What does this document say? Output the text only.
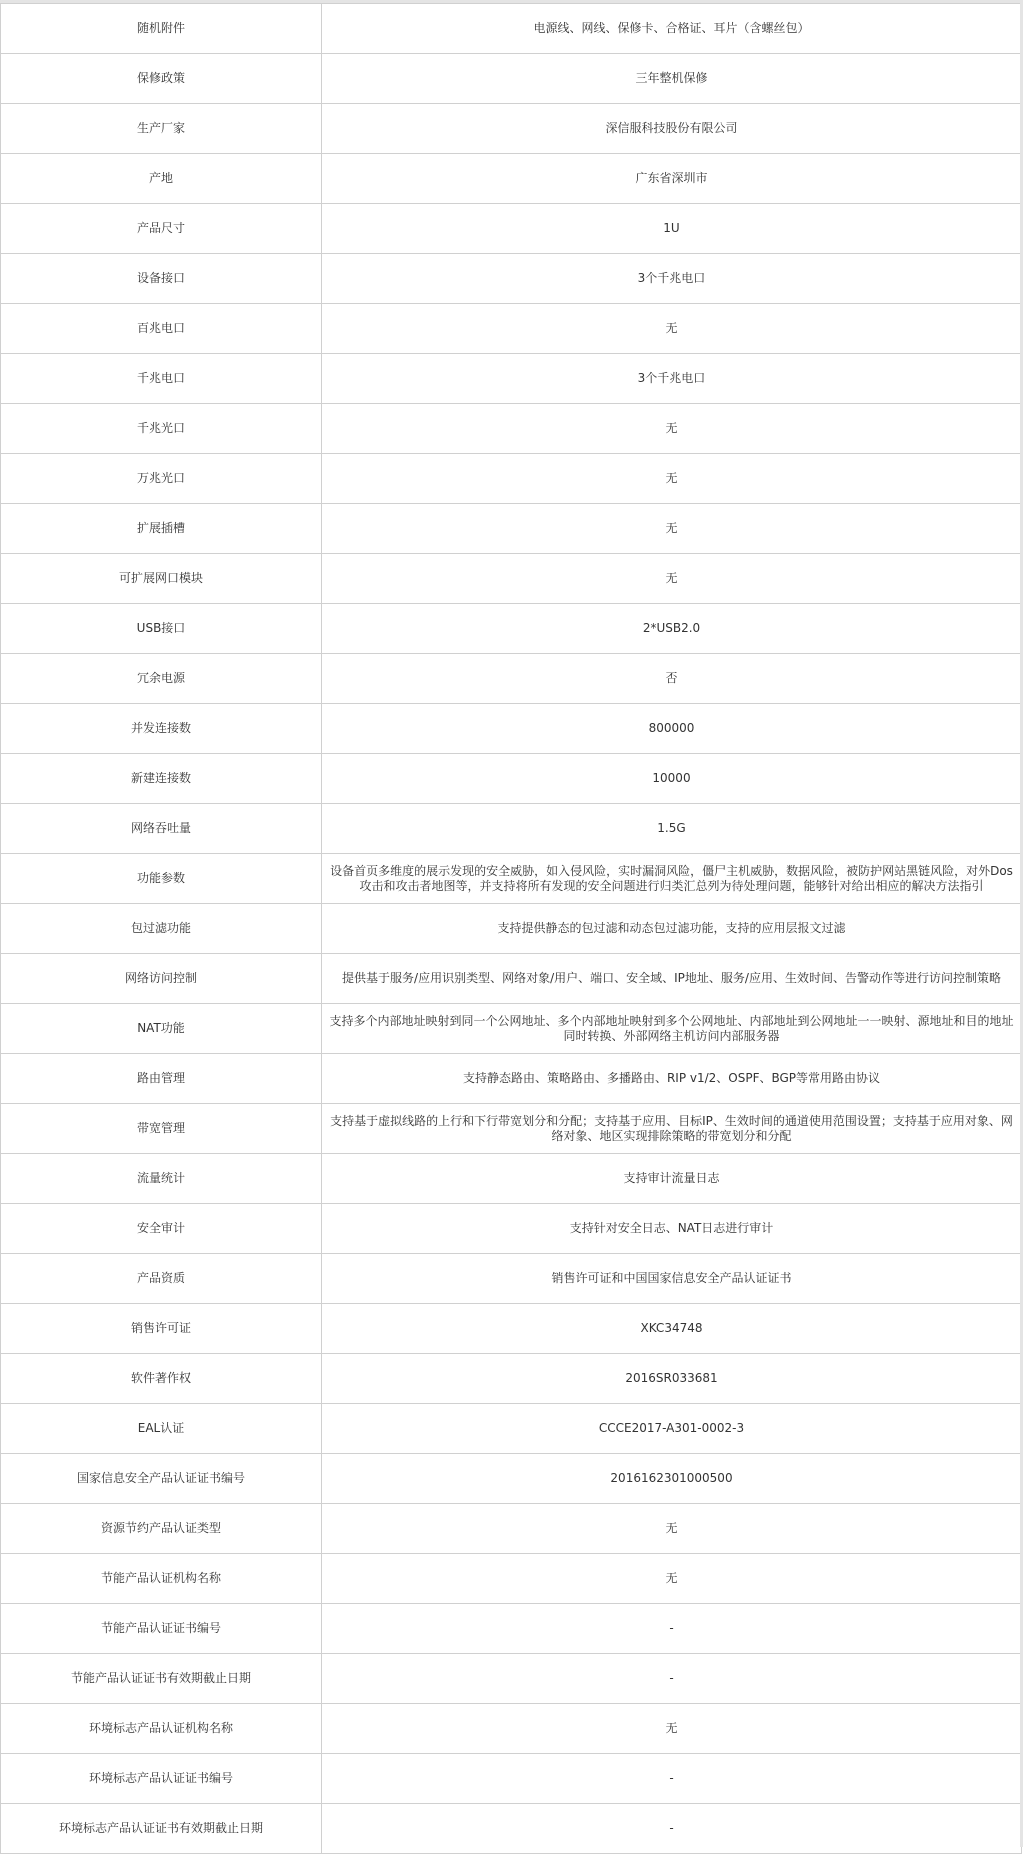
随机附件	电源线、网线、保修卡、合格证、耳片（含螺丝包）
保修政策	三年整机保修
生产厂家	深信服科技股份有限公司
产地	广东省深圳市
产品尺寸	1U
设备接口	3个千兆电口
百兆电口	无
千兆电口	3个千兆电口
千兆光口	无
万兆光口	无
扩展插槽	无
可扩展网口模块	无
USB接口	2*USB2.0
冗余电源	否
并发连接数	800000
新建连接数	10000
网络吞吐量	1.5G
功能参数	设备首页多维度的展示发现的安全威胁，如入侵风险，实时漏洞风险，僵尸主机威胁，数据风险，被防护网站黑链风险，对外Dos攻击和攻击者地图等，并支持将所有发现的安全问题进行归类汇总列为待处理问题，能够针对给出相应的解决方法指引
包过滤功能	支持提供静态的包过滤和动态包过滤功能，支持的应用层报文过滤
网络访问控制	提供基于服务/应用识别类型、网络对象/用户、端口、安全域、IP地址、服务/应用、生效时间、告警动作等进行访问控制策略
NAT功能	支持多个内部地址映射到同一个公网地址、多个内部地址映射到多个公网地址、内部地址到公网地址一一映射、源地址和目的地址同时转换、外部网络主机访问内部服务器
路由管理	支持静态路由、策略路由、多播路由、RIP v1/2、OSPF、BGP等常用路由协议
带宽管理	支持基于虚拟线路的上行和下行带宽划分和分配；支持基于应用、目标IP、生效时间的通道使用范围设置；支持基于应用对象、网络对象、地区实现排除策略的带宽划分和分配
流量统计	支持审计流量日志
安全审计	支持针对安全日志、NAT日志进行审计
产品资质	销售许可证和中国国家信息安全产品认证证书
销售许可证	XKC34748
软件著作权	2016SR033681
EAL认证	CCCE2017-A301-0002-3
国家信息安全产品认证证书编号	2016162301000500
资源节约产品认证类型	无
节能产品认证机构名称	无
节能产品认证证书编号	-
节能产品认证证书有效期截止日期	-
环境标志产品认证机构名称	无
环境标志产品认证证书编号	-
环境标志产品认证证书有效期截止日期	-
